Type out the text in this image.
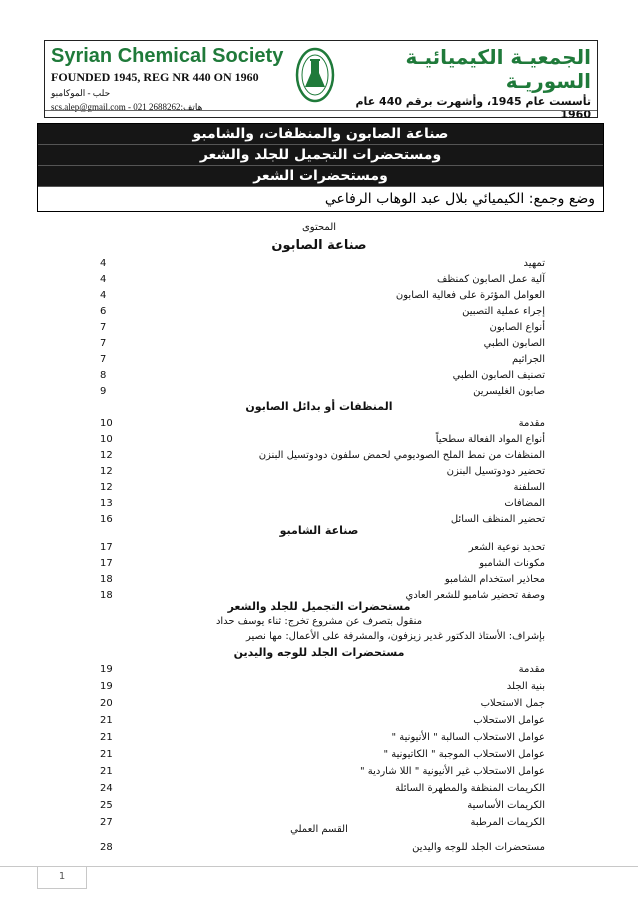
Syrian Chemical Society
FOUNDED 1945, REG NR 440 ON 1960
حلب - الموكامبو
scs.alep@gmail.com - 021 2688262:هاتف
الجمعيـة الكيميائيـة السوريـة
تأسست عام 1945، وأشهرت برقم 440 عام 1960
صناعة الصابون والمنظفات، والشامبو
ومستحضرات التجميل للجلد والشعر
ومستحضرات الشعر
وضع وجمع: الكيميائي بلال عبد الوهاب الرفاعي
المحتوى
صناعة الصابون
تمهيد
4
آلية عمل الصابون كمنظف
4
العوامل المؤثرة على فعالية الصابون
4
إجراء عملية التصبين
6
أنواع الصابون
7
الصابون الطبي
7
الجراثيم
7
تصنيف الصابون الطبي
8
صابون الغليسرين
9
المنظفات أو بدائل الصابون
مقدمة
10
أنواع المواد الفعالة سطحياً
10
المنظفات من نمط الملح الصوديومي لحمض سلفون دودوتسيل البنزن
12
تحضير دودوتسيل البنزن
12
السلفنة
12
المضافات
13
تحضير المنظف السائل
16
صناعة الشامبو
تحديد نوعية الشعر
17
مكونات الشامبو
17
محاذير استخدام الشامبو
18
وصفة تحضير شامبو للشعر العادي
18
مستحضرات التجميل للجلد والشعر
منقول بتصرف عن مشروع تخرج: ثناء يوسف حداد
بإشراف: الأستاذ الدكتور غدير زيزفون، والمشرفة على الأعمال: مها نصير
مستحضرات الجلد للوجه واليدين
مقدمة
19
بنية الجلد
19
جمل الاستحلاب
20
عوامل الاستحلاب
21
عوامل الاستحلاب السالبة " الأنيونية "
21
عوامل الاستحلاب الموجبة " الكاتيونية "
21
عوامل الاستحلاب غير الأنيونية " اللا شاردية "
21
الكريمات المنظفة والمطهرة السائلة
24
الكريمات الأساسية
25
الكريمات المرطبة
27
القسم العملي
مستحضرات الجلد للوجه واليدين
28
1
